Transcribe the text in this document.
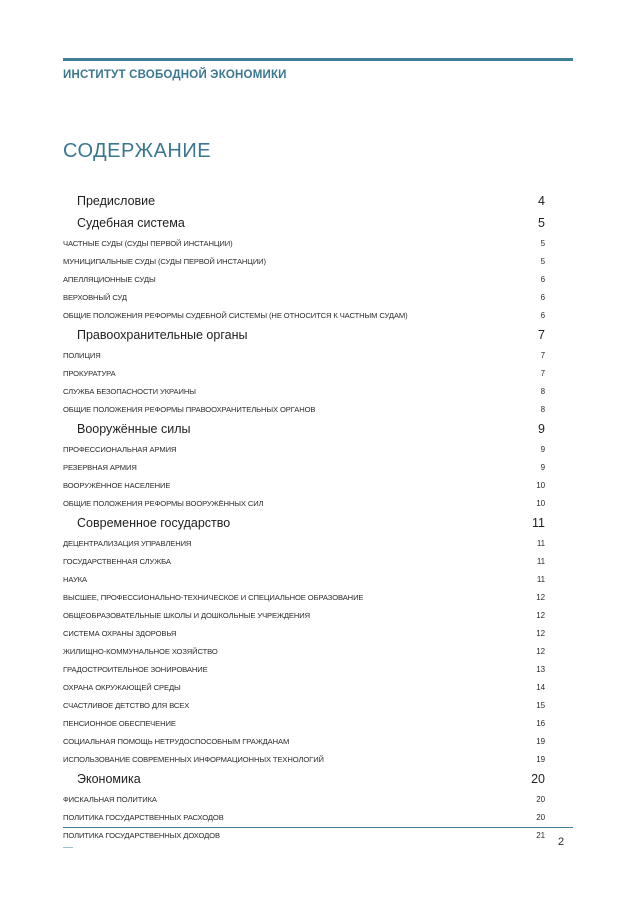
ИНСТИТУТ СВОБОДНОЙ ЭКОНОМИКИ
СОДЕРЖАНИЕ
Предисловие	4
Судебная система	5
ЧАСТНЫЕ СУДЫ (СУДЫ ПЕРВОЙ ИНСТАНЦИИ)	5
МУНИЦИПАЛЬНЫЕ СУДЫ (СУДЫ ПЕРВОЙ ИНСТАНЦИИ)	5
АПЕЛЛЯЦИОННЫЕ СУДЫ	6
ВЕРХОВНЫЙ СУД	6
ОБЩИЕ ПОЛОЖЕНИЯ РЕФОРМЫ СУДЕБНОЙ СИСТЕМЫ (НЕ ОТНОСИТСЯ К ЧАСТНЫМ СУДАМ)	6
Правоохранительные органы	7
ПОЛИЦИЯ	7
ПРОКУРАТУРА	7
СЛУЖБА БЕЗОПАСНОСТИ УКРАИНЫ	8
ОБЩИЕ ПОЛОЖЕНИЯ РЕФОРМЫ ПРАВООХРАНИТЕЛЬНЫХ ОРГАНОВ	8
Вооружённые силы	9
ПРОФЕССИОНАЛЬНАЯ АРМИЯ	9
РЕЗЕРВНАЯ АРМИЯ	9
ВООРУЖЁННОЕ НАСЕЛЕНИЕ	10
ОБЩИЕ ПОЛОЖЕНИЯ РЕФОРМЫ ВООРУЖЁННЫХ СИЛ	10
Современное государство	11
ДЕЦЕНТРАЛИЗАЦИЯ УПРАВЛЕНИЯ	11
ГОСУДАРСТВЕННАЯ СЛУЖБА	11
НАУКА	11
ВЫСШЕЕ, ПРОФЕССИОНАЛЬНО-ТЕХНИЧЕСКОЕ И СПЕЦИАЛЬНОЕ ОБРАЗОВАНИЕ	12
ОБЩЕОБРАЗОВАТЕЛЬНЫЕ ШКОЛЫ И ДОШКОЛЬНЫЕ УЧРЕЖДЕНИЯ	12
СИСТЕМА ОХРАНЫ ЗДОРОВЬЯ	12
ЖИЛИЩНО-КОММУНАЛЬНОЕ ХОЗЯЙСТВО	12
ГРАДОСТРОИТЕЛЬНОЕ ЗОНИРОВАНИЕ	13
ОХРАНА ОКРУЖАЮЩЕЙ СРЕДЫ	14
СЧАСТЛИВОЕ ДЕТСТВО ДЛЯ ВСЕХ	15
ПЕНСИОННОЕ ОБЕСПЕЧЕНИЕ	16
СОЦИАЛЬНАЯ ПОМОЩЬ НЕТРУДОСПОСОБНЫМ ГРАЖДАНАМ	19
ИСПОЛЬЗОВАНИЕ СОВРЕМЕННЫХ ИНФОРМАЦИОННЫХ ТЕХНОЛОГИЙ	19
Экономика	20
ФИСКАЛЬНАЯ ПОЛИТИКА	20
ПОЛИТИКА ГОСУДАРСТВЕННЫХ РАСХОДОВ	20
ПОЛИТИКА ГОСУДАРСТВЕННЫХ ДОХОДОВ	21
2
